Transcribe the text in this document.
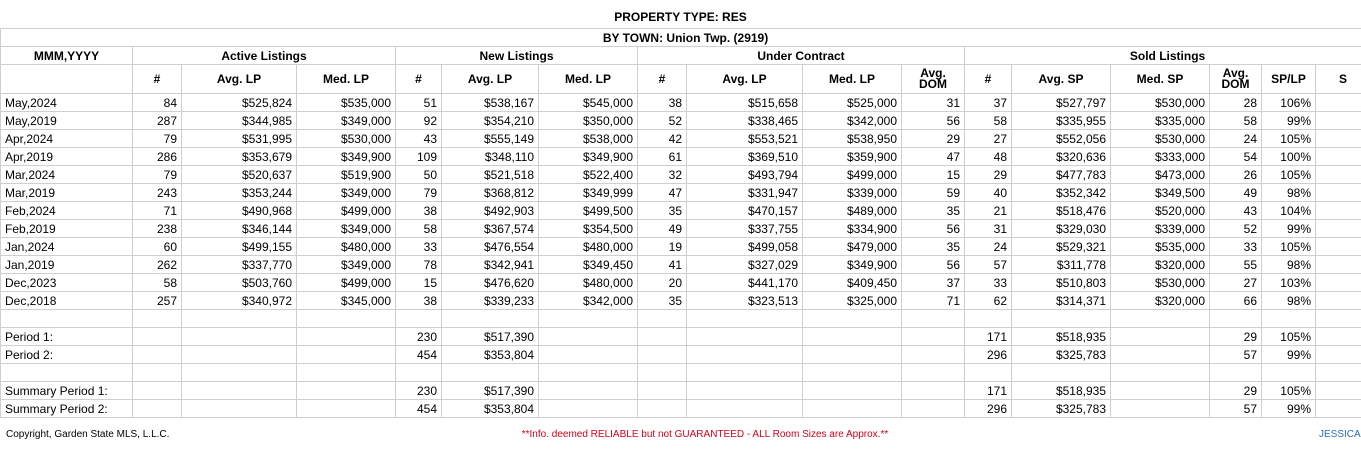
PROPERTY TYPE: RES
BY TOWN: Union Twp. (2919)																
MMM,YYYY	Active Listings			New Listings			Under Contract				Sold Listings					
	#	Avg. LP	Med. LP	#	Avg. LP	Med. LP	#	Avg. LP	Med. LP	Avg.
DOM	#	Avg. SP	Med. SP	Avg.
DOM	SP/LP	S
May,2024	84	$525,824	$535,000	51	$538,167	$545,000	38	$515,658	$525,000	31	37	$527,797	$530,000	28	106%	
May,2019	287	$344,985	$349,000	92	$354,210	$350,000	52	$338,465	$342,000	56	58	$335,955	$335,000	58	99%	
Apr,2024	79	$531,995	$530,000	43	$555,149	$538,000	42	$553,521	$538,950	29	27	$552,056	$530,000	24	105%	
Apr,2019	286	$353,679	$349,900	109	$348,110	$349,900	61	$369,510	$359,900	47	48	$320,636	$333,000	54	100%	
Mar,2024	79	$520,637	$519,900	50	$521,518	$522,400	32	$493,794	$499,000	15	29	$477,783	$473,000	26	105%	
Mar,2019	243	$353,244	$349,000	79	$368,812	$349,999	47	$331,947	$339,000	59	40	$352,342	$349,500	49	98%	
Feb,2024	71	$490,968	$499,000	38	$492,903	$499,500	35	$470,157	$489,000	35	21	$518,476	$520,000	43	104%	
Feb,2019	238	$346,144	$349,000	58	$367,574	$354,500	49	$337,755	$334,900	56	31	$329,030	$339,000	52	99%	
Jan,2024	60	$499,155	$480,000	33	$476,554	$480,000	19	$499,058	$479,000	35	24	$529,321	$535,000	33	105%	
Jan,2019	262	$337,770	$349,000	78	$342,941	$349,450	41	$327,029	$349,900	56	57	$311,778	$320,000	55	98%	
Dec,2023	58	$503,760	$499,000	15	$476,620	$480,000	20	$441,170	$409,450	37	33	$510,803	$530,000	27	103%	
Dec,2018	257	$340,972	$345,000	38	$339,233	$342,000	35	$323,513	$325,000	71	62	$314,371	$320,000	66	98%	

Period 1:				230	$517,390						171	$518,935		29	105%	
Period 2:				454	$353,804						296	$325,783		57	99%	

Summary Period 1:				230	$517,390						171	$518,935		29	105%	
Summary Period 2:				454	$353,804						296	$325,783		57	99%	
Copyright, Garden State MLS, L.L.C.	**Info. deemed RELIABLE but not GUARANTEED - ALL Room Sizes are Approx.**	JESSICA
